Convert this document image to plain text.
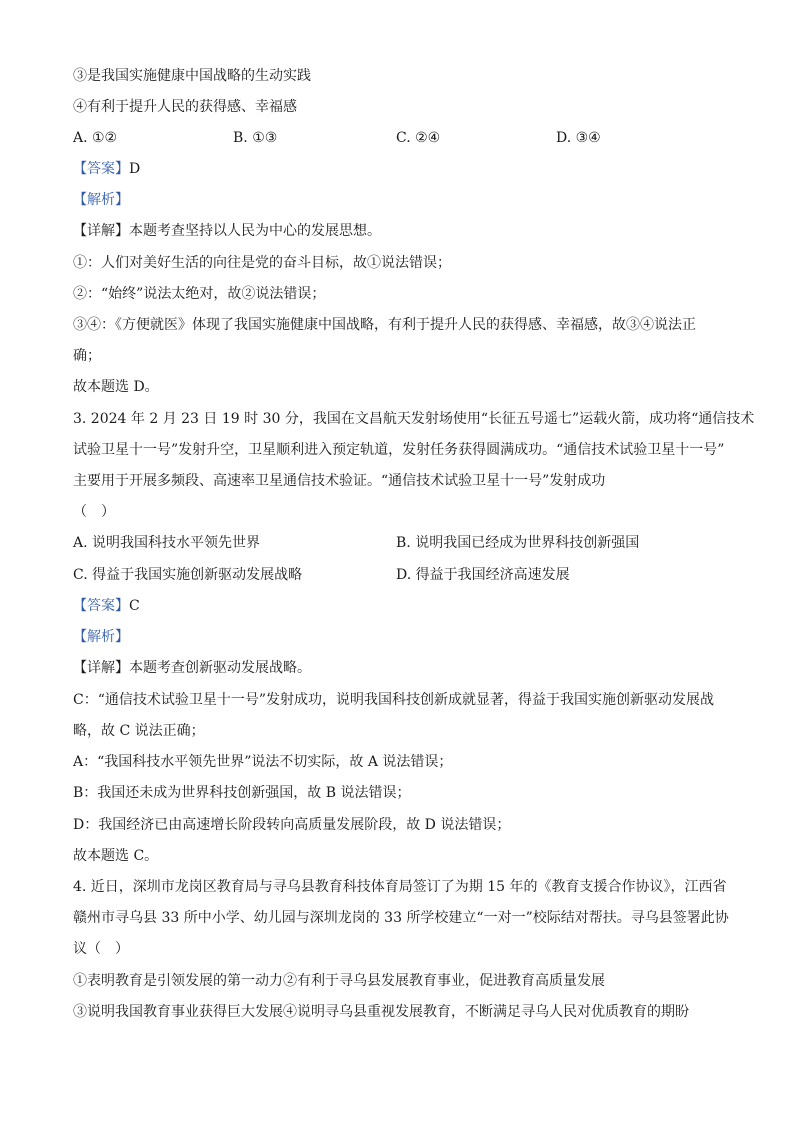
③是我国实施健康中国战略的生动实践
④有利于提升人民的获得感、幸福感
A. ①②	B. ①③	C. ②④	D. ③④
【答案】D
【解析】
【详解】本题考查坚持以人民为中心的发展思想。
①：人们对美好生活的向往是党的奋斗目标，故①说法错误；
②：“始终”说法太绝对，故②说法错误；
③④：《方便就医》体现了我国实施健康中国战略，有利于提升人民的获得感、幸福感，故③④说法正
确；
故本题选 D。
3. 2024 年 2 月 23 日 19 时 30 分，我国在文昌航天发射场使用“长征五号遥七”运载火箭，成功将“通信技术
试验卫星十一号”发射升空，卫星顺利进入预定轨道，发射任务获得圆满成功。“通信技术试验卫星十一号”
主要用于开展多频段、高速率卫星通信技术验证。“通信技术试验卫星十一号”发射成功
（　）
A. 说明我国科技水平领先世界	B. 说明我国已经成为世界科技创新强国
C. 得益于我国实施创新驱动发展战略	D. 得益于我国经济高速发展
【答案】C
【解析】
【详解】本题考查创新驱动发展战略。
C：“通信技术试验卫星十一号”发射成功，说明我国科技创新成就显著，得益于我国实施创新驱动发展战
略，故 C 说法正确；
A：“我国科技水平领先世界”说法不切实际，故 A 说法错误；
B：我国还未成为世界科技创新强国，故 B 说法错误；
D：我国经济已由高速增长阶段转向高质量发展阶段，故 D 说法错误；
故本题选 C。
4. 近日，深圳市龙岗区教育局与寻乌县教育科技体育局签订了为期 15 年的《教育支援合作协议》，江西省
赣州市寻乌县 33 所中小学、幼儿园与深圳龙岗的 33 所学校建立“一对一”校际结对帮扶。寻乌县签署此协
议（　）
①表明教育是引领发展的第一动力②有利于寻乌县发展教育事业，促进教育高质量发展
③说明我国教育事业获得巨大发展④说明寻乌县重视发展教育，不断满足寻乌人民对优质教育的期盼
